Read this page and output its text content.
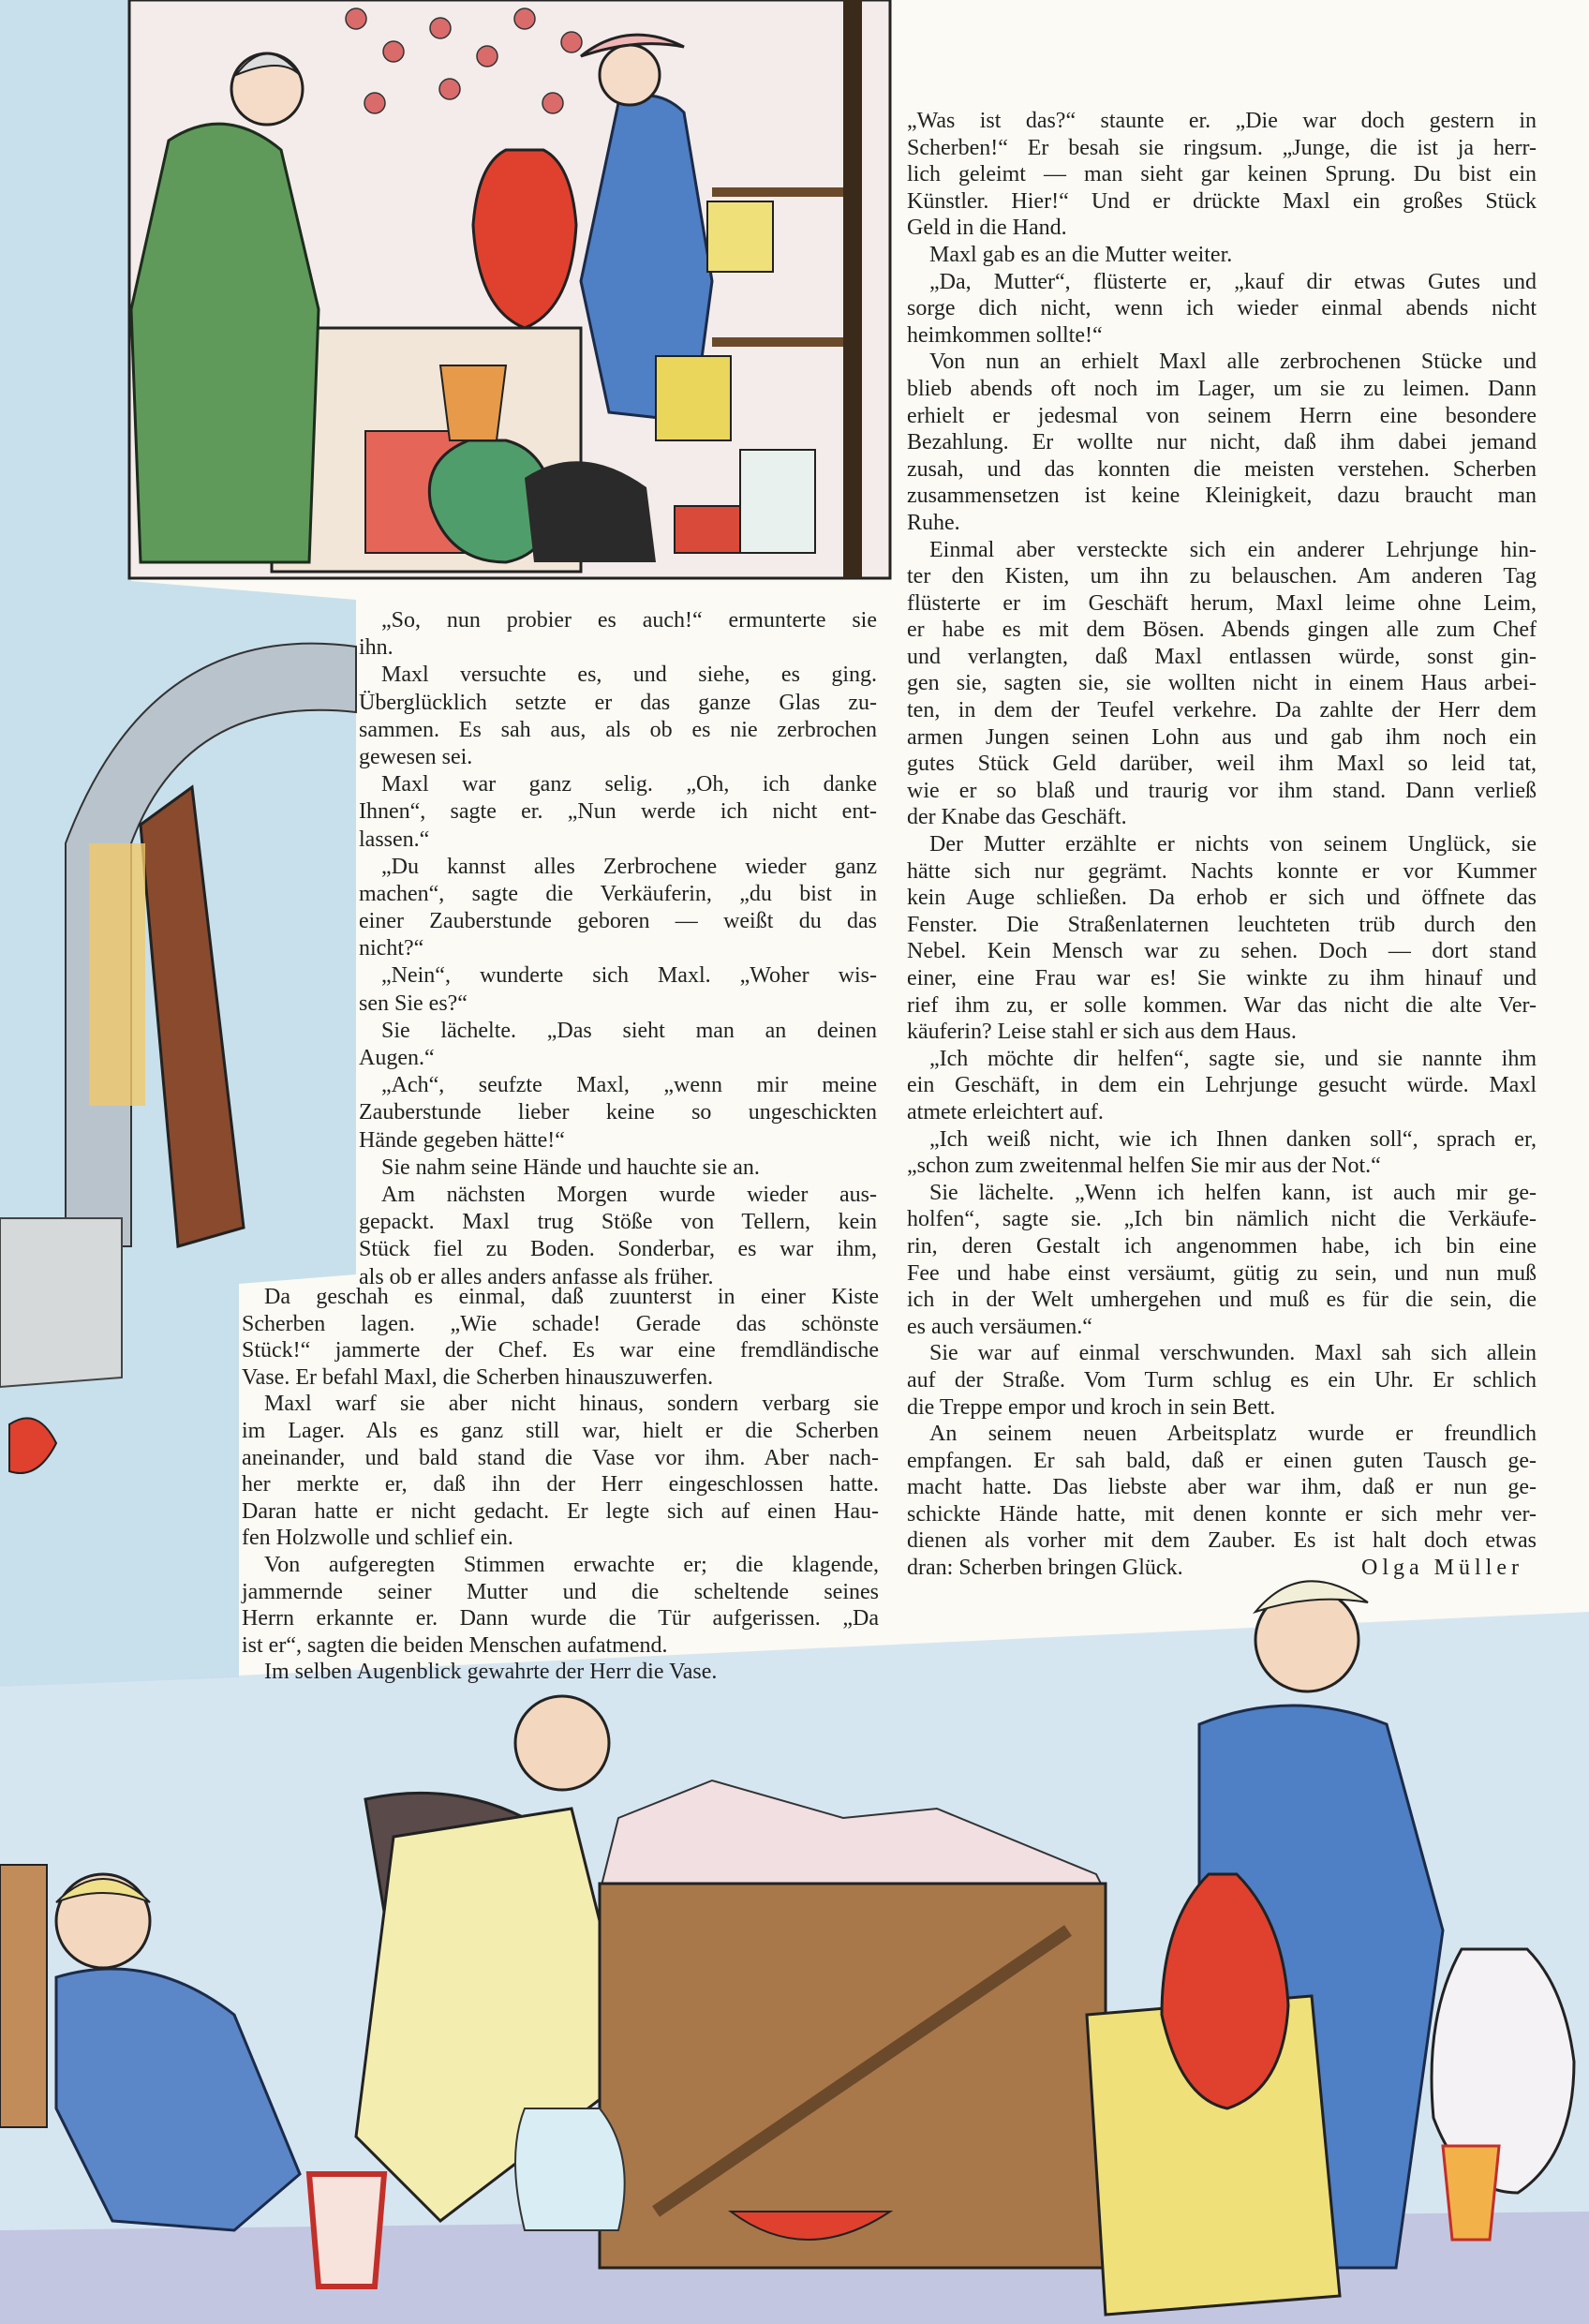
„So, nun probier es auch!“ ermunterte sie
ihn.
Maxl versuchte es, und siehe, es ging.
Überglücklich setzte er das ganze Glas zu-
sammen. Es sah aus, als ob es nie zerbrochen
gewesen sei.
Maxl war ganz selig. „Oh, ich danke
Ihnen“, sagte er. „Nun werde ich nicht ent-
lassen.“
„Du kannst alles Zerbrochene wieder ganz
machen“, sagte die Verkäuferin, „du bist in
einer Zauberstunde geboren — weißt du das
nicht?“
„Nein“, wunderte sich Maxl. „Woher wis-
sen Sie es?“
Sie lächelte. „Das sieht man an deinen
Augen.“
„Ach“, seufzte Maxl, „wenn mir meine
Zauberstunde lieber keine so ungeschickten
Hände gegeben hätte!“
Sie nahm seine Hände und hauchte sie an.
Am nächsten Morgen wurde wieder aus-
gepackt. Maxl trug Stöße von Tellern, kein
Stück fiel zu Boden. Sonderbar, es war ihm,
als ob er alles anders anfasse als früher.
Da geschah es einmal, daß zuunterst in einer Kiste
Scherben lagen. „Wie schade! Gerade das schönste
Stück!“ jammerte der Chef. Es war eine fremdländische
Vase. Er befahl Maxl, die Scherben hinauszuwerfen.
Maxl warf sie aber nicht hinaus, sondern verbarg sie
im Lager. Als es ganz still war, hielt er die Scherben
aneinander, und bald stand die Vase vor ihm. Aber nach-
her merkte er, daß ihn der Herr eingeschlossen hatte.
Daran hatte er nicht gedacht. Er legte sich auf einen Hau-
fen Holzwolle und schlief ein.
Von aufgeregten Stimmen erwachte er; die klagende,
jammernde seiner Mutter und die scheltende seines
Herrn erkannte er. Dann wurde die Tür aufgerissen. „Da
ist er“, sagten die beiden Menschen aufatmend.
Im selben Augenblick gewahrte der Herr die Vase.
„Was ist das?“ staunte er. „Die war doch gestern in
Scherben!“ Er besah sie ringsum. „Junge, die ist ja herr-
lich geleimt — man sieht gar keinen Sprung. Du bist ein
Künstler. Hier!“ Und er drückte Maxl ein großes Stück
Geld in die Hand.
Maxl gab es an die Mutter weiter.
„Da, Mutter“, flüsterte er, „kauf dir etwas Gutes und
sorge dich nicht, wenn ich wieder einmal abends nicht
heimkommen sollte!“
Von nun an erhielt Maxl alle zerbrochenen Stücke und
blieb abends oft noch im Lager, um sie zu leimen. Dann
erhielt er jedesmal von seinem Herrn eine besondere
Bezahlung. Er wollte nur nicht, daß ihm dabei jemand
zusah, und das konnten die meisten verstehen. Scherben
zusammensetzen ist keine Kleinigkeit, dazu braucht man
Ruhe.
Einmal aber versteckte sich ein anderer Lehrjunge hin-
ter den Kisten, um ihn zu belauschen. Am anderen Tag
flüsterte er im Geschäft herum, Maxl leime ohne Leim,
er habe es mit dem Bösen. Abends gingen alle zum Chef
und verlangten, daß Maxl entlassen würde, sonst gin-
gen sie, sagten sie, sie wollten nicht in einem Haus arbei-
ten, in dem der Teufel verkehre. Da zahlte der Herr dem
armen Jungen seinen Lohn aus und gab ihm noch ein
gutes Stück Geld darüber, weil ihm Maxl so leid tat,
wie er so blaß und traurig vor ihm stand. Dann verließ
der Knabe das Geschäft.
Der Mutter erzählte er nichts von seinem Unglück, sie
hätte sich nur gegrämt. Nachts konnte er vor Kummer
kein Auge schließen. Da erhob er sich und öffnete das
Fenster. Die Straßenlaternen leuchteten trüb durch den
Nebel. Kein Mensch war zu sehen. Doch — dort stand
einer, eine Frau war es! Sie winkte zu ihm hinauf und
rief ihm zu, er solle kommen. War das nicht die alte Ver-
käuferin? Leise stahl er sich aus dem Haus.
„Ich möchte dir helfen“, sagte sie, und sie nannte ihm
ein Geschäft, in dem ein Lehrjunge gesucht würde. Maxl
atmete erleichtert auf.
„Ich weiß nicht, wie ich Ihnen danken soll“, sprach er,
„schon zum zweitenmal helfen Sie mir aus der Not.“
Sie lächelte. „Wenn ich helfen kann, ist auch mir ge-
holfen“, sagte sie. „Ich bin nämlich nicht die Verkäufe-
rin, deren Gestalt ich angenommen habe, ich bin eine
Fee und habe einst versäumt, gütig zu sein, und nun muß
ich in der Welt umhergehen und muß es für die sein, die
es auch versäumen.“
Sie war auf einmal verschwunden. Maxl sah sich allein
auf der Straße. Vom Turm schlug es ein Uhr. Er schlich
die Treppe empor und kroch in sein Bett.
An seinem neuen Arbeitsplatz wurde er freundlich
empfangen. Er sah bald, daß er einen guten Tausch ge-
macht hatte. Das liebste aber war ihm, daß er nun ge-
schickte Hände hatte, mit denen konnte er sich mehr ver-
dienen als vorher mit dem Zauber. Es ist halt doch etwas
dran: Scherben bringen Glück.	Olga Müller
